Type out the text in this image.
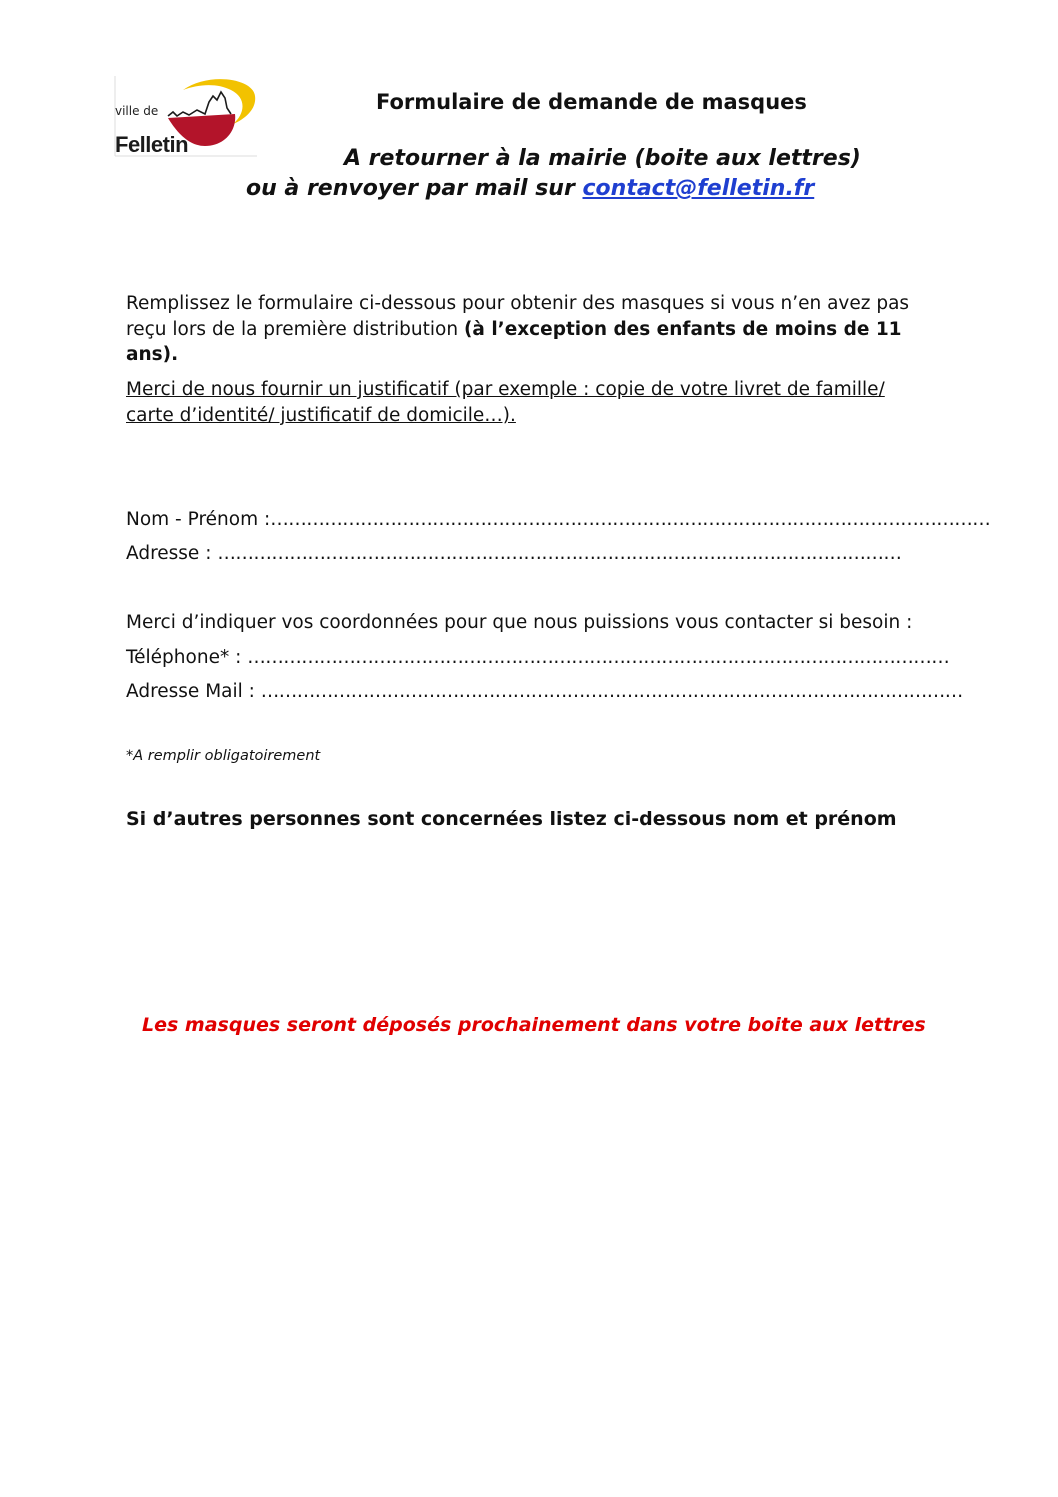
ville de
Felletin
Formulaire de demande de masques
A retourner à la mairie (boite aux lettres)
ou à renvoyer par mail sur contact@felletin.fr
Remplissez le formulaire ci-dessous pour obtenir des masques si vous n’en avez pas
reçu lors de la première distribution (à l’exception des enfants de moins de 11
ans).
Merci de nous fournir un justificatif (par exemple : copie de votre livret de famille/
carte d’identité/ justificatif de domicile…).
Nom - Prénom :…………………………………………………………………………………………………………
Adresse : ……………………………………………………………………………………………………
Merci d’indiquer vos coordonnées pour que nous puissions vous contacter si besoin :
Téléphone* : ………………………………………………………………………………………………………
Adresse Mail : ………………………………………………………………………………………………………
*A remplir obligatoirement
Si d’autres personnes sont concernées listez ci-dessous nom et prénom
Les masques seront déposés prochainement dans votre boite aux lettres
